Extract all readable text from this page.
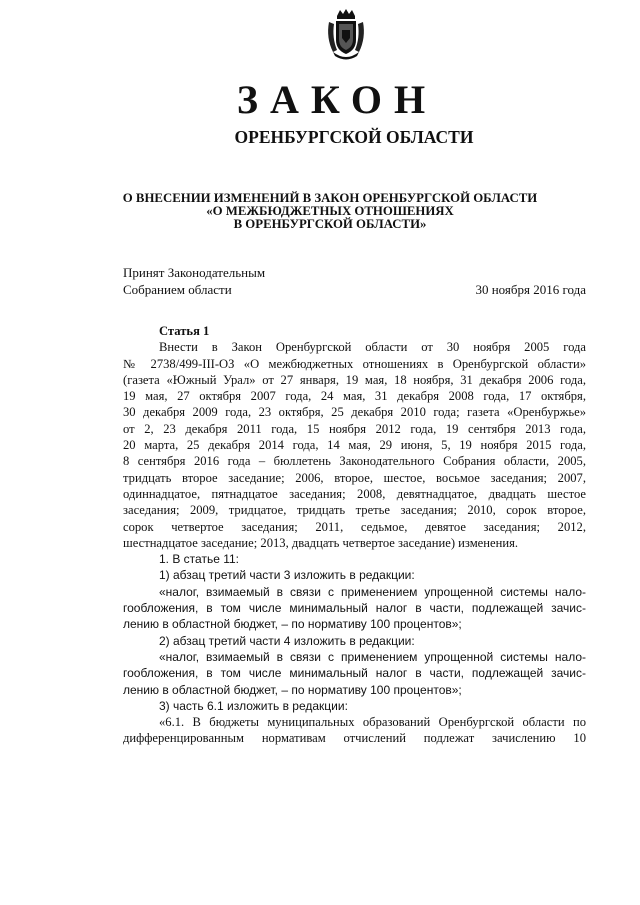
ЗАКОН
ОРЕНБУРГСКОЙ ОБЛАСТИ
О ВНЕСЕНИИ ИЗМЕНЕНИЙ В ЗАКОН ОРЕНБУРГСКОЙ ОБЛАСТИ
«О МЕЖБЮДЖЕТНЫХ ОТНОШЕНИЯХ
В ОРЕНБУРГСКОЙ ОБЛАСТИ»
Принят Законодательным
Собранием области	30 ноября 2016 года
Статья 1
Внести в Закон Оренбургской области от 30 ноября 2005 года
№ 2738/499-III-ОЗ «О межбюджетных отношениях в Оренбургской области»
(газета «Южный Урал» от 27 января, 19 мая, 18 ноября, 31 декабря 2006 года,
19 мая, 27 октября 2007 года, 24 мая, 31 декабря 2008 года, 17 октября,
30 декабря 2009 года, 23 октября, 25 декабря 2010 года; газета «Оренбуржье»
от 2, 23 декабря 2011 года, 15 ноября 2012 года, 19 сентября 2013 года,
20 марта, 25 декабря 2014 года, 14 мая, 29 июня, 5, 19 ноября 2015 года,
8 сентября 2016 года – бюллетень Законодательного Собрания области, 2005,
тридцать второе заседание; 2006, второе, шестое, восьмое заседания; 2007,
одиннадцатое, пятнадцатое заседания; 2008, девятнадцатое, двадцать шестое
заседания; 2009, тридцатое, тридцать третье заседания; 2010, сорок второе,
сорок четвертое заседания; 2011, седьмое, девятое заседания; 2012,
шестнадцатое заседание; 2013, двадцать четвертое заседание) изменения.
1. В статье 11:
1) абзац третий части 3 изложить в редакции:
«налог, взимаемый в связи с применением упрощенной системы нало-
гообложения, в том числе минимальный налог в части, подлежащей зачис-
лению в областной бюджет, – по нормативу 100 процентов»;
2) абзац третий части 4 изложить в редакции:
«налог, взимаемый в связи с применением упрощенной системы нало-
гообложения, в том числе минимальный налог в части, подлежащей зачис-
лению в областной бюджет, – по нормативу 100 процентов»;
3) часть 6.1 изложить в редакции:
«6.1. В бюджеты муниципальных образований Оренбургской области по
дифференцированным нормативам отчислений подлежат зачислению 10
